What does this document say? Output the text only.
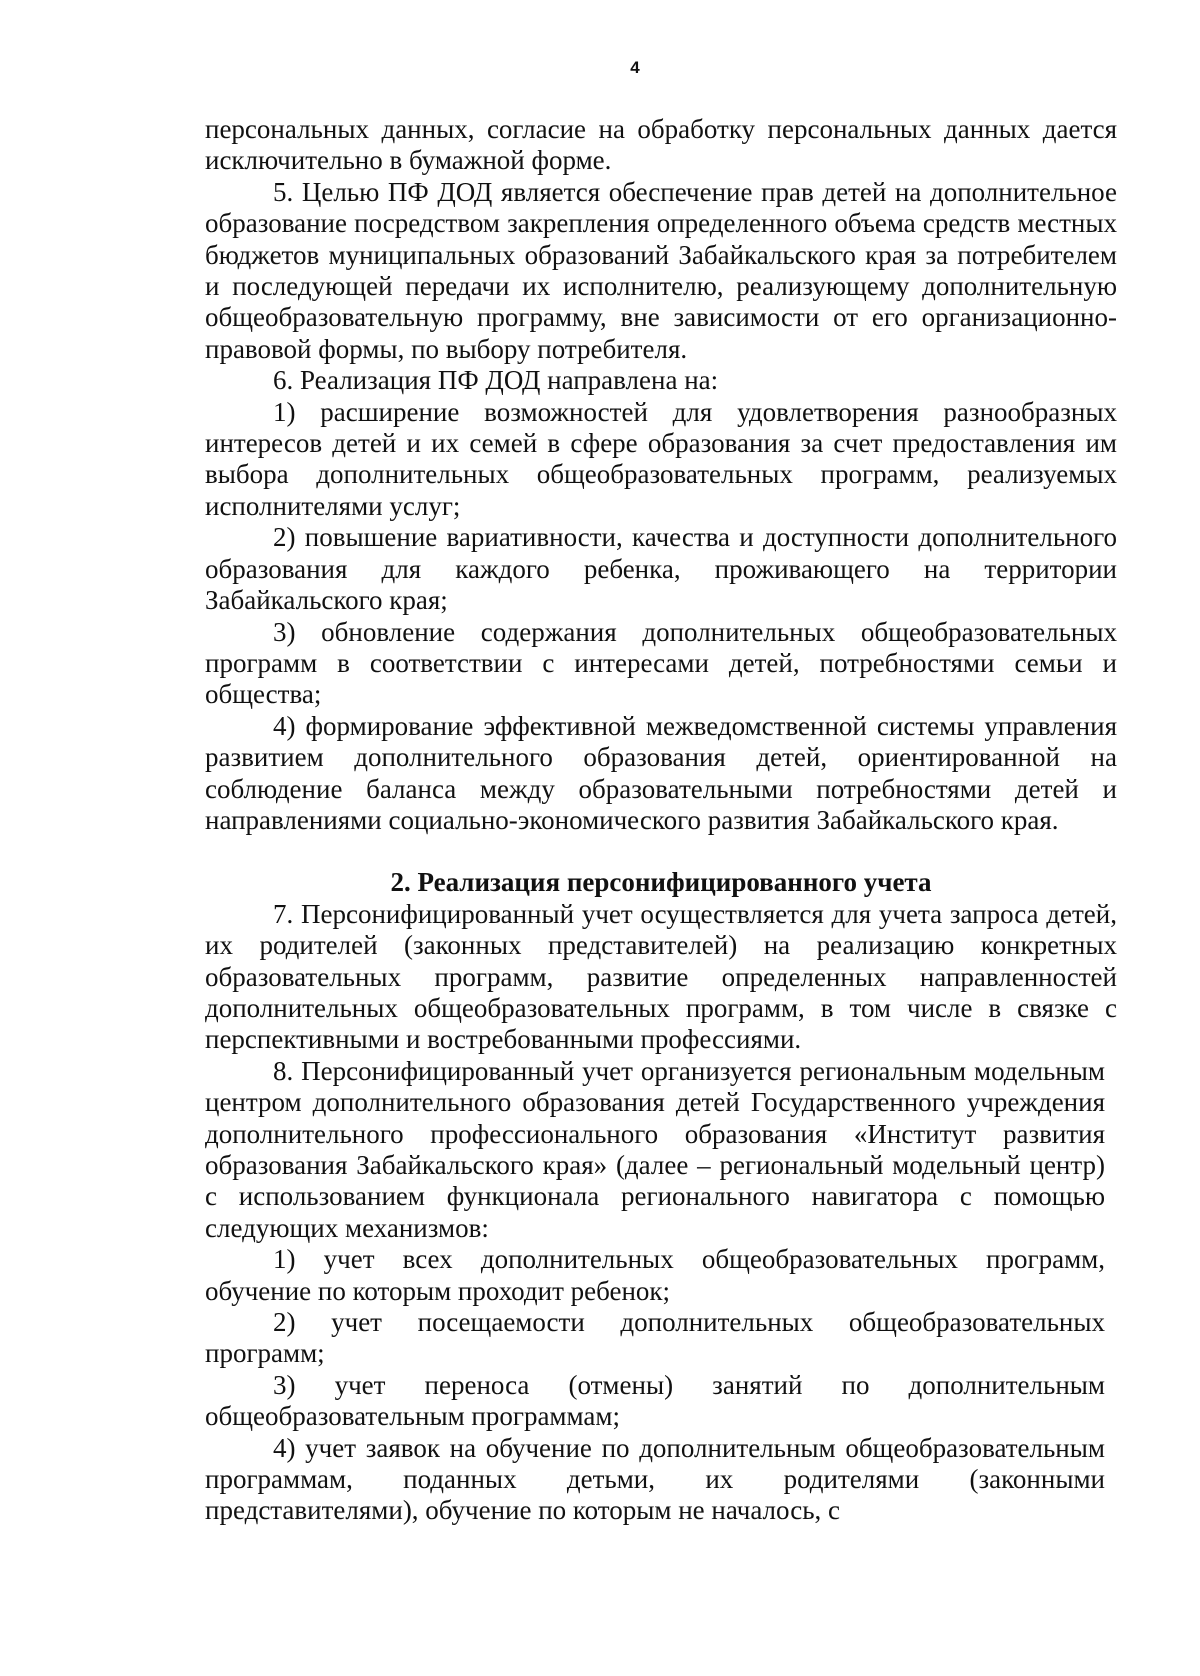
4

персональных данных, согласие на обработку персональных данных дается исключительно в бумажной форме.

5. Целью ПФ ДОД является обеспечение прав детей на дополнительное образование посредством закрепления определенного объема средств местных бюджетов муниципальных образований Забайкальского края за потребителем и последующей передачи их исполнителю, реализующему дополнительную общеобразовательную программу, вне зависимости от его организационно-правовой формы, по выбору потребителя.

6. Реализация ПФ ДОД направлена на:

1) расширение возможностей для удовлетворения разнообразных интересов детей и их семей в сфере образования за счет предоставления им выбора дополнительных общеобразовательных программ, реализуемых исполнителями услуг;

2) повышение вариативности, качества и доступности дополнительного образования для каждого ребенка, проживающего на территории Забайкальского края;

3) обновление содержания дополнительных общеобразовательных программ в соответствии с интересами детей, потребностями семьи и общества;

4) формирование эффективной межведомственной системы управления развитием дополнительного образования детей, ориентированной на соблюдение баланса между образовательными потребностями детей и направлениями социально-экономического развития Забайкальского края.

2. Реализация персонифицированного учета

7. Персонифицированный учет осуществляется для учета запроса детей, их родителей (законных представителей) на реализацию конкретных образовательных программ, развитие определенных направленностей дополнительных общеобразовательных программ, в том числе в связке с перспективными и востребованными профессиями.

8. Персонифицированный учет организуется региональным модельным центром дополнительного образования детей Государственного учреждения дополнительного профессионального образования «Институт развития образования Забайкальского края» (далее – региональный модельный центр) с использованием функционала регионального навигатора с помощью следующих механизмов:

1) учет всех дополнительных общеобразовательных программ, обучение по которым проходит ребенок;

2) учет посещаемости дополнительных общеобразовательных программ;

3) учет переноса (отмены) занятий по дополнительным общеобразовательным программам;

4) учет заявок на обучение по дополнительным общеобразовательным программам, поданных детьми, их родителями (законными представителями), обучение по которым не началось, с
